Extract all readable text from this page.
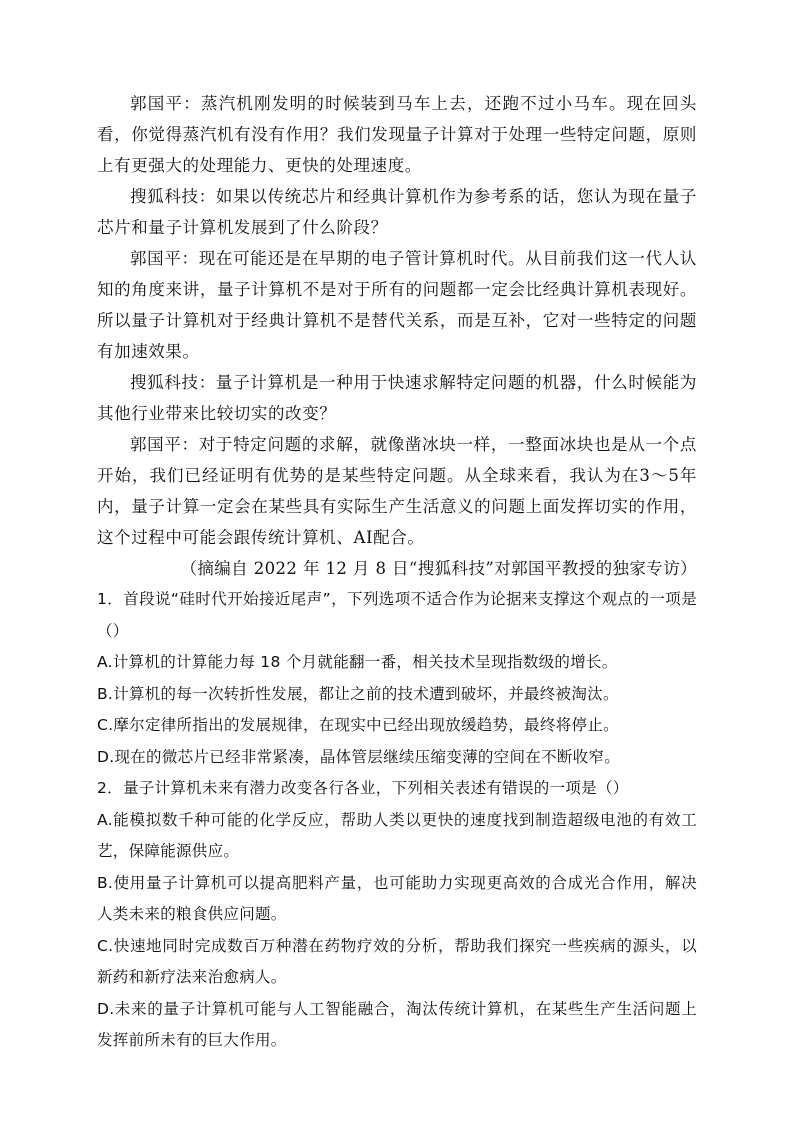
郭国平：蒸汽机刚发明的时候装到马车上去，还跑不过小马车。现在回头看，你觉得蒸汽机有没有作用？我们发现量子计算对于处理一些特定问题，原则上有更强大的处理能力、更快的处理速度。

搜狐科技：如果以传统芯片和经典计算机作为参考系的话，您认为现在量子芯片和量子计算机发展到了什么阶段？

郭国平：现在可能还是在早期的电子管计算机时代。从目前我们这一代人认知的角度来讲，量子计算机不是对于所有的问题都一定会比经典计算机表现好。所以量子计算机对于经典计算机不是替代关系，而是互补，它对一些特定的问题有加速效果。

搜狐科技：量子计算机是一种用于快速求解特定问题的机器，什么时候能为其他行业带来比较切实的改变？

郭国平：对于特定问题的求解，就像凿冰块一样，一整面冰块也是从一个点开始，我们已经证明有优势的是某些特定问题。从全球来看，我认为在3～5年内，量子计算一定会在某些具有实际生产生活意义的问题上面发挥切实的作用，这个过程中可能会跟传统计算机、AI配合。

（摘编自 2022 年 12 月 8 日“搜狐科技”对郭国平教授的独家专访）

1．首段说“硅时代开始接近尾声”，下列选项不适合作为论据来支撑这个观点的一项是（）

A.计算机的计算能力每 18 个月就能翻一番，相关技术呈现指数级的增长。

B.计算机的每一次转折性发展，都让之前的技术遭到破坏，并最终被淘汰。

C.摩尔定律所指出的发展规律，在现实中已经出现放缓趋势，最终将停止。

D.现在的微芯片已经非常紧凑，晶体管层继续压缩变薄的空间在不断收窄。

2．量子计算机未来有潜力改变各行各业，下列相关表述有错误的一项是（）

A.能模拟数千种可能的化学反应，帮助人类以更快的速度找到制造超级电池的有效工艺，保障能源供应。

B.使用量子计算机可以提高肥料产量，也可能助力实现更高效的合成光合作用，解决人类未来的粮食供应问题。

C.快速地同时完成数百万种潜在药物疗效的分析，帮助我们探究一些疾病的源头，以新药和新疗法来治愈病人。

D.未来的量子计算机可能与人工智能融合，淘汰传统计算机，在某些生产生活问题上发挥前所未有的巨大作用。
